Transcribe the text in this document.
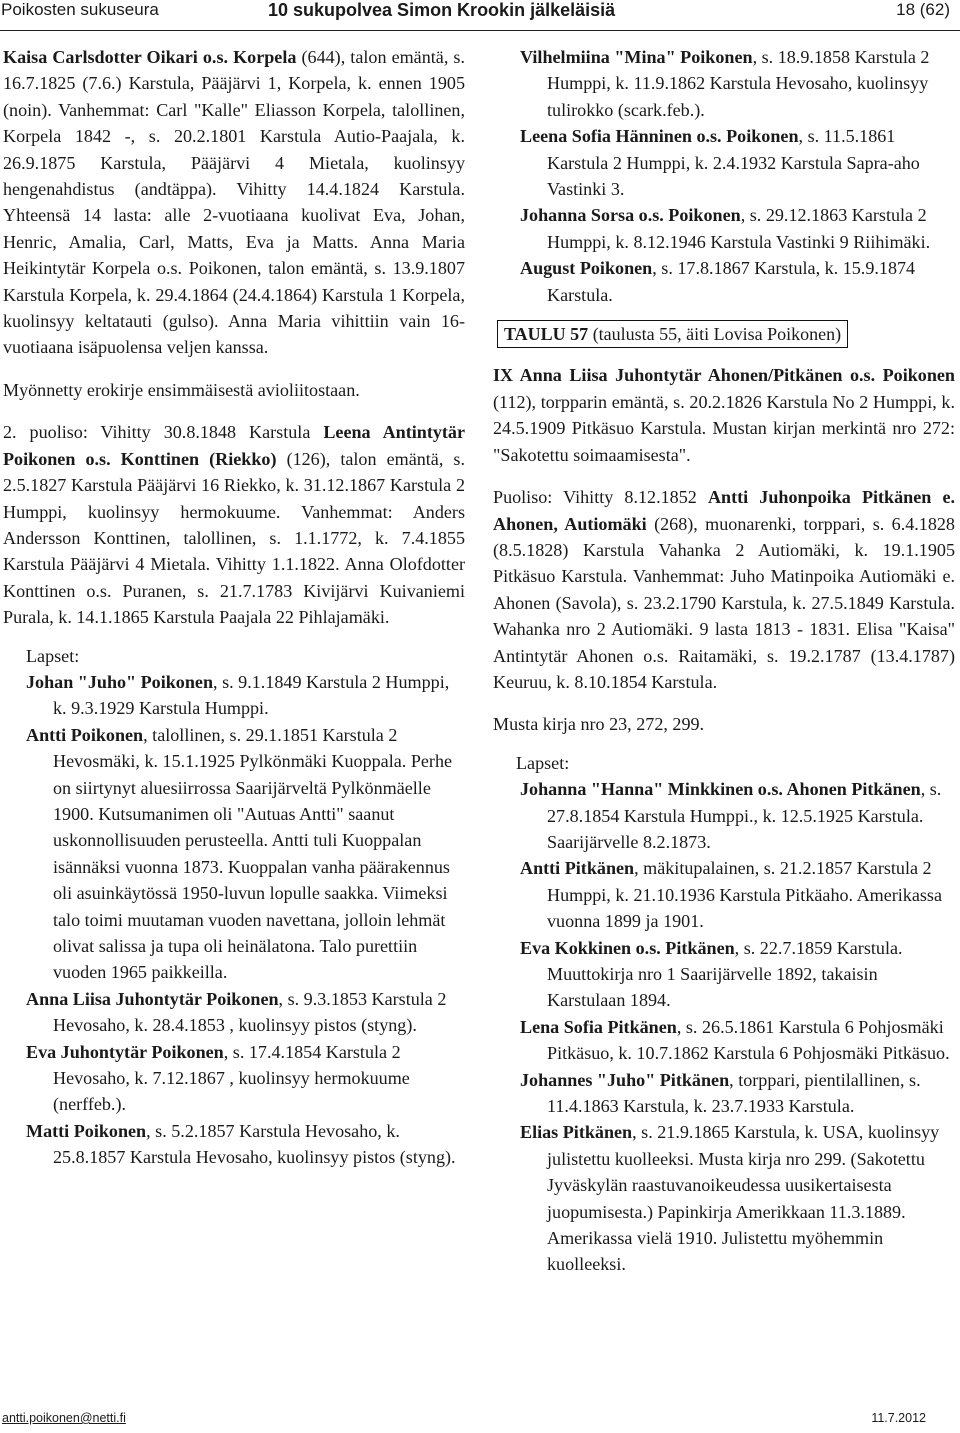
Poikosten sukuseura	10 sukupolvea Simon Krookin jälkeläisiä	18 (62)

Kaisa Carlsdotter Oikari o.s. Korpela (644), talon emäntä, s. 16.7.1825 (7.6.) Karstula, Pääjärvi 1, Korpela, k. ennen 1905 (noin). Vanhemmat: Carl "Kalle" Eliasson Korpela, talollinen, Korpela 1842 -, s. 20.2.1801 Karstula Autio-Paajala, k. 26.9.1875 Karstula, Pääjärvi 4 Mietala, kuolinsyy hengenahdistus (andtäppa). Vihitty 14.4.1824 Karstula. Yhteensä 14 lasta: alle 2-vuotiaana kuolivat Eva, Johan, Henric, Amalia, Carl, Matts, Eva ja Matts. Anna Maria Heikintytär Korpela o.s. Poikonen, talon emäntä, s. 13.9.1807 Karstula Korpela, k. 29.4.1864 (24.4.1864) Karstula 1 Korpela, kuolinsyy keltatauti (gulso). Anna Maria vihittiin vain 16-vuotiaana isäpuolensa veljen kanssa.

Myönnetty erokirje ensimmäisestä avioliitostaan.

2. puoliso: Vihitty 30.8.1848 Karstula Leena Antintytär Poikonen o.s. Konttinen (Riekko) (126), talon emäntä, s. 2.5.1827 Karstula Pääjärvi 16 Riekko, k. 31.12.1867 Karstula 2 Humppi, kuolinsyy hermokuume. Vanhemmat: Anders Andersson Konttinen, talollinen, s. 1.1.1772, k. 7.4.1855 Karstula Pääjärvi 4 Mietala. Vihitty 1.1.1822. Anna Olofdotter Konttinen o.s. Puranen, s. 21.7.1783 Kivijärvi Kuivaniemi Purala, k. 14.1.1865 Karstula Paajala 22 Pihlajamäki.

Lapset:

Johan "Juho" Poikonen, s. 9.1.1849 Karstula 2 Humppi, k. 9.3.1929 Karstula Humppi.

Antti Poikonen, talollinen, s. 29.1.1851 Karstula 2 Hevosmäki, k. 15.1.1925 Pylkönmäki Kuoppala. Perhe on siirtynyt aluesiirrossa Saarijärveltä Pylkönmäelle 1900. Kutsumanimen oli "Autuas Antti" saanut uskonnollisuuden perusteella. Antti tuli Kuoppalan isännäksi vuonna 1873. Kuoppalan vanha päärakennus oli asuinkäytössä 1950-luvun lopulle saakka. Viimeksi talo toimi muutaman vuoden navettana, jolloin lehmät olivat salissa ja tupa oli heinälatona. Talo purettiin vuoden 1965 paikkeilla.

Anna Liisa Juhontytär Poikonen, s. 9.3.1853 Karstula 2 Hevosaho, k. 28.4.1853 , kuolinsyy pistos (styng).

Eva Juhontytär Poikonen, s. 17.4.1854 Karstula 2 Hevosaho, k. 7.12.1867 , kuolinsyy hermokuume (nerffeb.).

Matti Poikonen, s. 5.2.1857 Karstula Hevosaho, k. 25.8.1857 Karstula Hevosaho, kuolinsyy pistos (styng).

Vilhelmiina "Mina" Poikonen, s. 18.9.1858 Karstula 2 Humppi, k. 11.9.1862 Karstula Hevosaho, kuolinsyy tulirokko (scark.feb.).

Leena Sofia Hänninen o.s. Poikonen, s. 11.5.1861 Karstula 2 Humppi, k. 2.4.1932 Karstula Sapra-aho Vastinki 3.

Johanna Sorsa o.s. Poikonen, s. 29.12.1863 Karstula 2 Humppi, k. 8.12.1946 Karstula Vastinki 9 Riihimäki.

August Poikonen, s. 17.8.1867 Karstula, k. 15.9.1874 Karstula.

TAULU 57 (taulusta 55, äiti Lovisa Poikonen)

IX Anna Liisa Juhontytär Ahonen/Pitkänen o.s. Poikonen (112), torpparin emäntä, s. 20.2.1826 Karstula No 2 Humppi, k. 24.5.1909 Pitkäsuo Karstula. Mustan kirjan merkintä nro 272: "Sakotettu soimaamisesta".

Puoliso: Vihitty 8.12.1852 Antti Juhonpoika Pitkänen e. Ahonen, Autiomäki (268), muonarenki, torppari, s. 6.4.1828 (8.5.1828) Karstula Vahanka 2 Autiomäki, k. 19.1.1905 Pitkäsuo Karstula. Vanhemmat: Juho Matinpoika Autiomäki e. Ahonen (Savola), s. 23.2.1790 Karstula, k. 27.5.1849 Karstula. Wahanka nro 2 Autiomäki. 9 lasta 1813 - 1831. Elisa "Kaisa" Antintytär Ahonen o.s. Raitamäki, s. 19.2.1787 (13.4.1787) Keuruu, k. 8.10.1854 Karstula.

Musta kirja nro 23, 272, 299.

Lapset:

Johanna "Hanna" Minkkinen o.s. Ahonen Pitkänen, s. 27.8.1854 Karstula Humppi., k. 12.5.1925 Karstula. Saarijärvelle 8.2.1873.

Antti Pitkänen, mäkitupalainen, s. 21.2.1857 Karstula 2 Humppi, k. 21.10.1936 Karstula Pitkäaho. Amerikassa vuonna 1899 ja 1901.

Eva Kokkinen o.s. Pitkänen, s. 22.7.1859 Karstula. Muuttokirja nro 1 Saarijärvelle 1892, takaisin Karstulaan 1894.

Lena Sofia Pitkänen, s. 26.5.1861 Karstula 6 Pohjosmäki Pitkäsuo, k. 10.7.1862 Karstula 6 Pohjosmäki Pitkäsuo.

Johannes "Juho" Pitkänen, torppari, pientilallinen, s. 11.4.1863 Karstula, k. 23.7.1933 Karstula.

Elias Pitkänen, s. 21.9.1865 Karstula, k. USA, kuolinsyy julistettu kuolleeksi. Musta kirja nro 299. (Sakotettu Jyväskylän raastuvanoikeudessa uusikertaisesta juopumisesta.) Papinkirja Amerikkaan 11.3.1889. Amerikassa vielä 1910. Julistettu myöhemmin kuolleeksi.

antti.poikonen@netti.fi	11.7.2012
